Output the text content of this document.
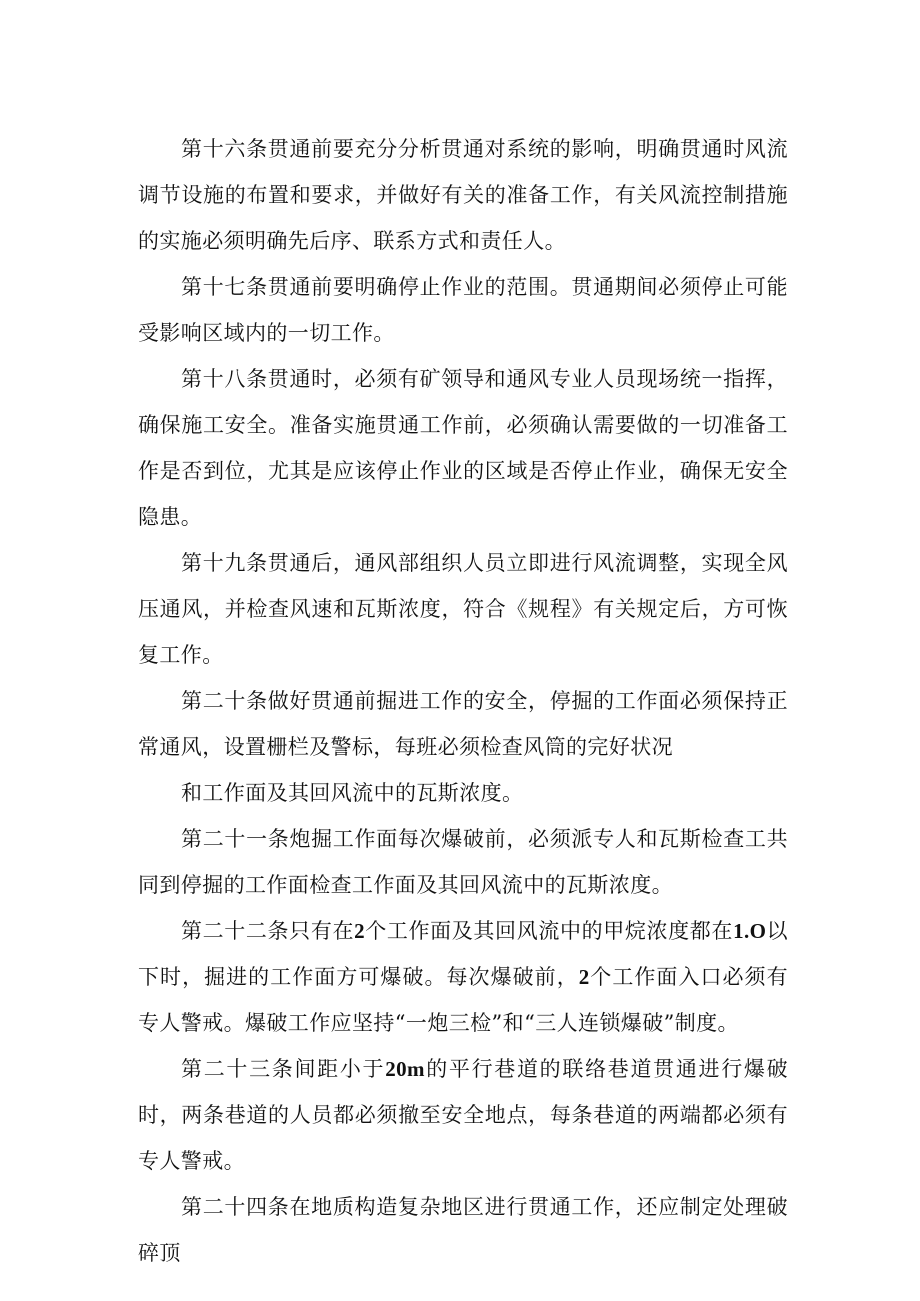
第十六条贯通前要充分分析贯通对系统的影响，明确贯通时风流调节设施的布置和要求，并做好有关的准备工作，有关风流控制措施的实施必须明确先后序、联系方式和责任人。

第十七条贯通前要明确停止作业的范围。贯通期间必须停止可能受影响区域内的一切工作。

第十八条贯通时，必须有矿领导和通风专业人员现场统一指挥，确保施工安全。准备实施贯通工作前，必须确认需要做的一切准备工作是否到位，尤其是应该停止作业的区域是否停止作业，确保无安全隐患。

第十九条贯通后，通风部组织人员立即进行风流调整，实现全风压通风，并检查风速和瓦斯浓度，符合《规程》有关规定后，方可恢复工作。

第二十条做好贯通前掘进工作的安全，停掘的工作面必须保持正常通风，设置栅栏及警标，每班必须检查风筒的完好状况

和工作面及其回风流中的瓦斯浓度。

第二十一条炮掘工作面每次爆破前，必须派专人和瓦斯检查工共同到停掘的工作面检查工作面及其回风流中的瓦斯浓度。

第二十二条只有在2个工作面及其回风流中的甲烷浓度都在1.O以下时，掘进的工作面方可爆破。每次爆破前，2个工作面入口必须有专人警戒。爆破工作应坚持“一炮三检”和“三人连锁爆破”制度。

第二十三条间距小于20m的平行巷道的联络巷道贯通进行爆破时，两条巷道的人员都必须撤至安全地点，每条巷道的两端都必须有专人警戒。

第二十四条在地质构造复杂地区进行贯通工作，还应制定处理破碎顶
